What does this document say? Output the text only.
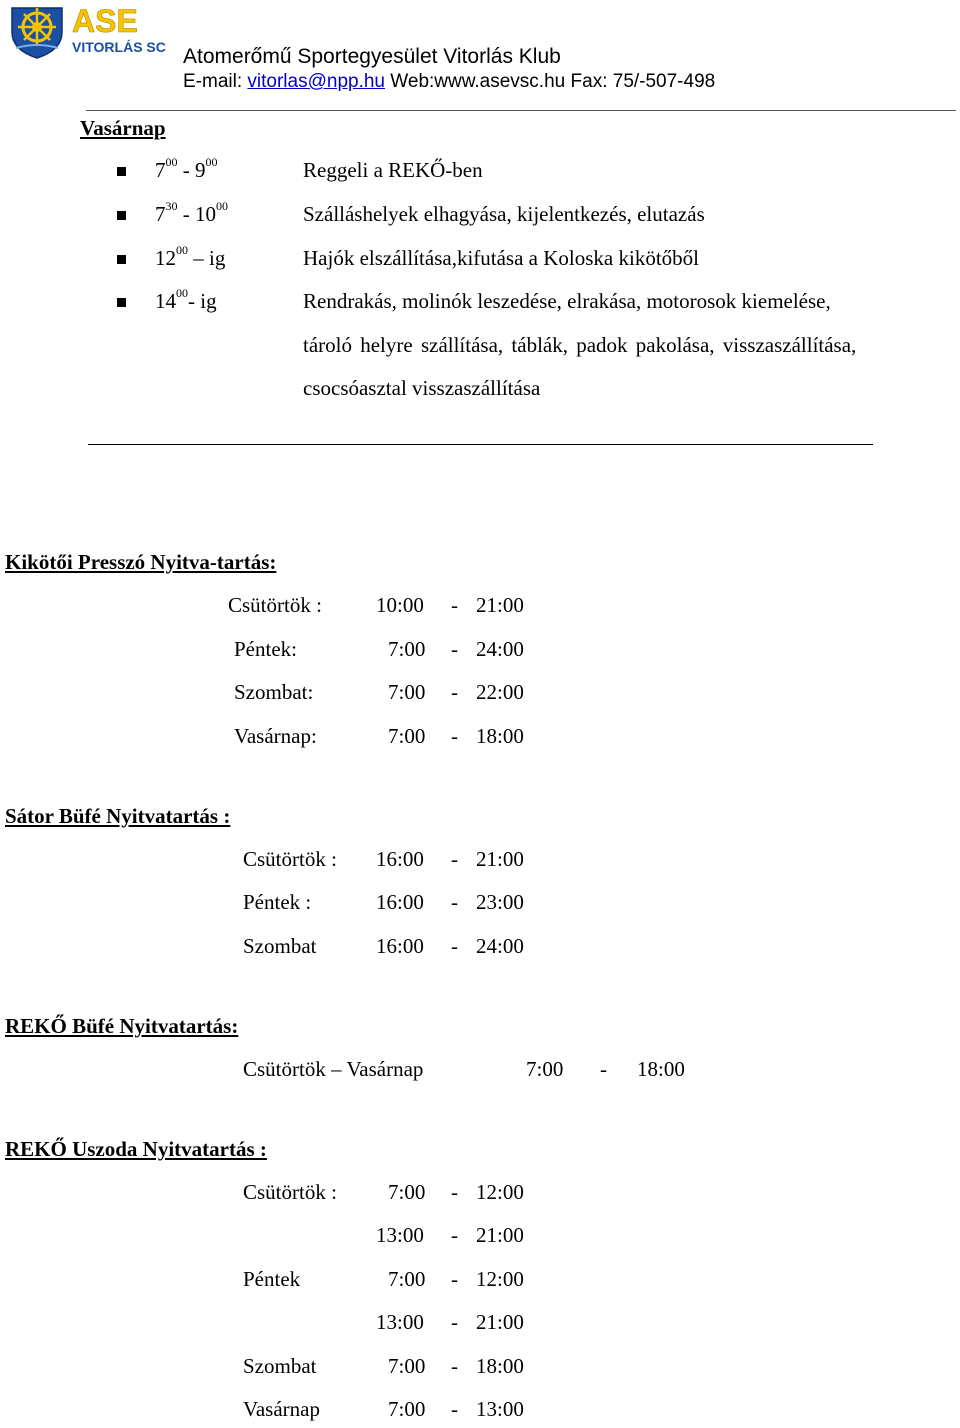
ASE
VITORLÁS SC Atomerőmű Sportegyesület Vitorlás Klub
E-mail: vitorlas@npp.hu Web:www.asevsc.hu Fax: 75/-507-498
Vasárnap
$7^{00} - 9^{00}$	Reggeli a REKŐ-ben
$7^{30} - 10^{00}$	Szálláshelyek elhagyása, kijelentkezés, elutazás
$12^{00}$ – ig	Hajók elszállítása,kifutása a Koloska kikötőből
$14^{00}-$ ig	Rendrakás, molinók leszedése, elrakása, motorosok kiemelése,
tároló helyre szállítása, táblák, padok pakolása, visszaszállítása,
csocsóasztal visszaszállítása
Kikötői Presszó Nyitva-tartás:
Csütörtök :	10:00 - 21:00
Péntek:	7:00 - 24:00
Szombat:	7:00 - 22:00
Vasárnap:	7:00 - 18:00
Sátor Büfé Nyitvatartás :
Csütörtök : 16:00 - 21:00
Péntek :	16:00 - 23:00
Szombat	16:00 - 24:00
REKŐ Büfé Nyitvatartás:
Csütörtök – Vasárnap	7:00 - 18:00
REKŐ Uszoda Nyitvatartás :
Csütörtök : 7:00 - 12:00
13:00 - 21:00
Péntek	7:00 - 12:00
13:00 - 21:00
Szombat	7:00 - 18:00
Vasárnap	7:00 - 13:00
